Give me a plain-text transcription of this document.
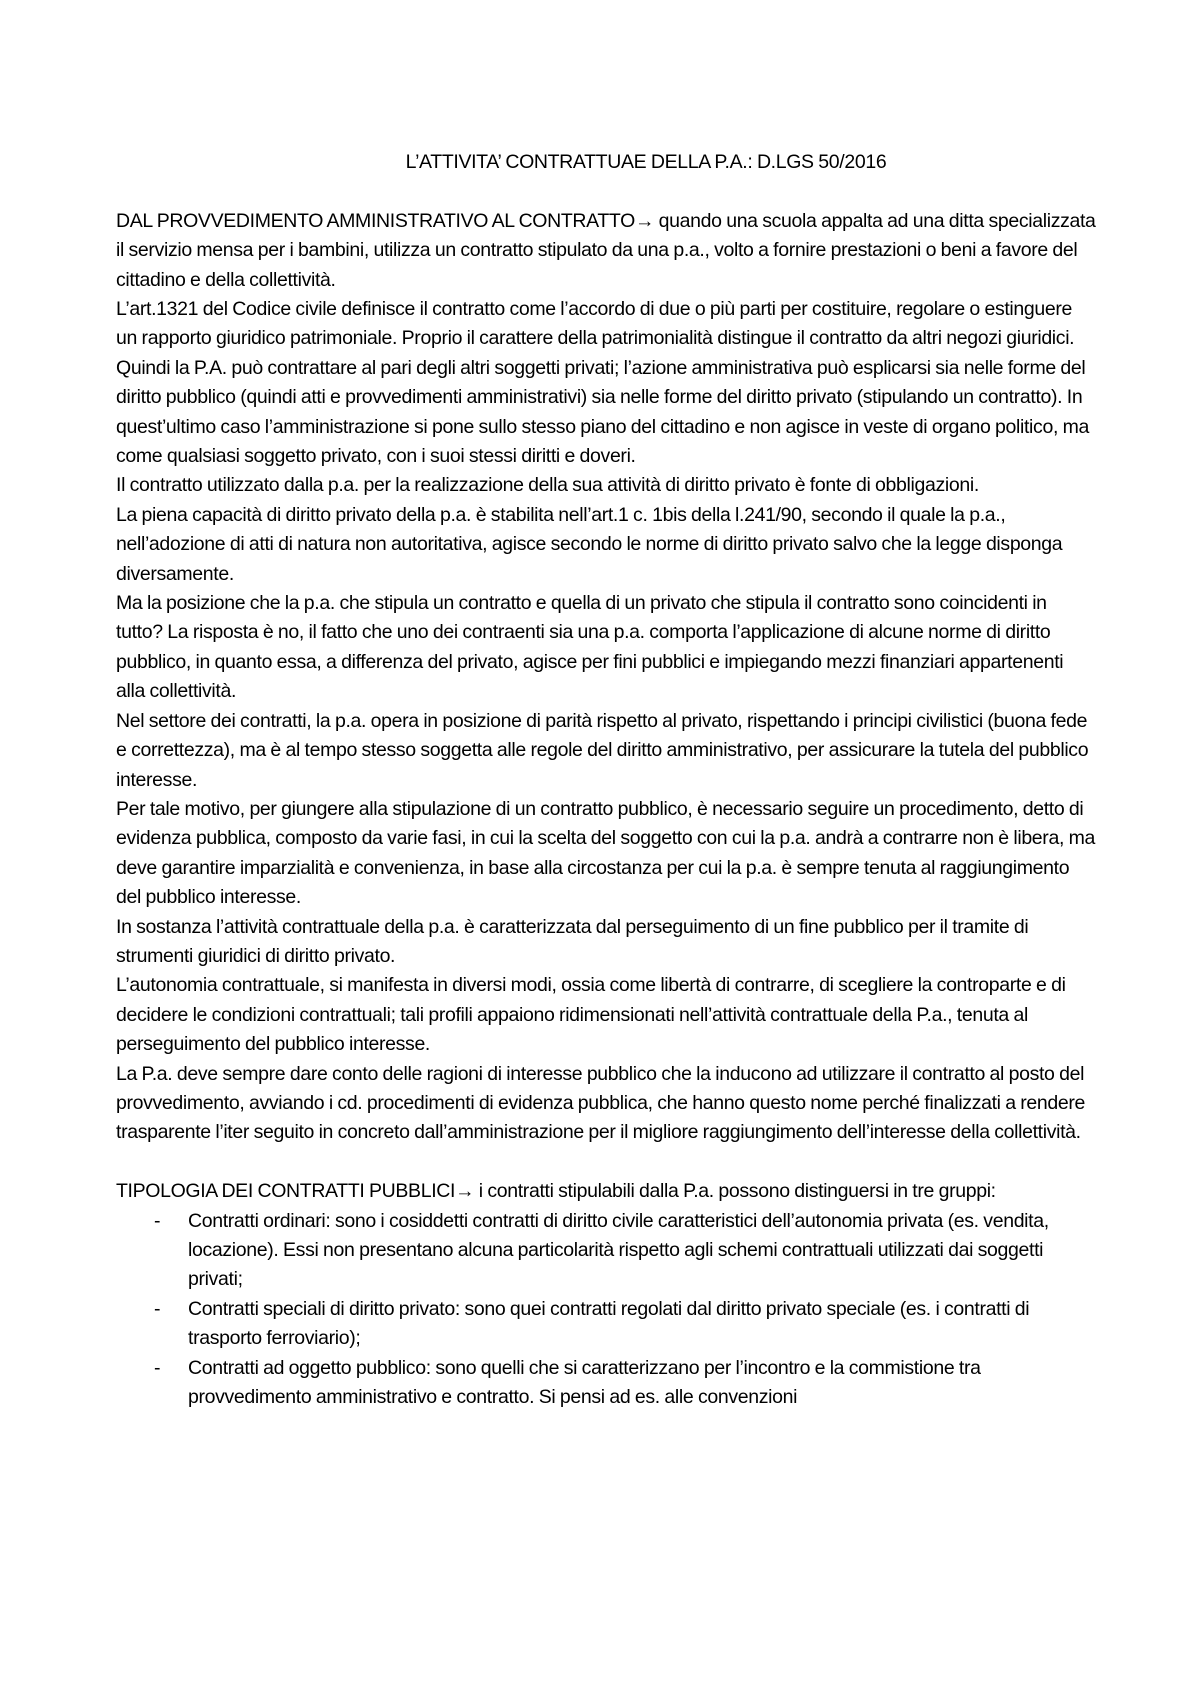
L’ATTIVITA’ CONTRATTUAE DELLA P.A.: D.LGS 50/2016

DAL PROVVEDIMENTO AMMINISTRATIVO AL CONTRATTO→ quando una scuola appalta ad una ditta specializzata il servizio mensa per i bambini, utilizza un contratto stipulato da una p.a., volto a fornire prestazioni o beni a favore del cittadino e della collettività.

L’art.1321 del Codice civile definisce il contratto come l’accordo di due o più parti per costituire, regolare o estinguere un rapporto giuridico patrimoniale. Proprio il carattere della patrimonialità distingue il contratto da altri negozi giuridici.

Quindi la P.A. può contrattare al pari degli altri soggetti privati; l’azione amministrativa può esplicarsi sia nelle forme del diritto pubblico (quindi atti e provvedimenti amministrativi) sia nelle forme del diritto privato (stipulando un contratto). In quest’ultimo caso l’amministrazione si pone sullo stesso piano del cittadino e non agisce in veste di organo politico, ma come qualsiasi soggetto privato, con i suoi stessi diritti e doveri.

Il contratto utilizzato dalla p.a. per la realizzazione della sua attività di diritto privato è fonte di obbligazioni.

La piena capacità di diritto privato della p.a. è stabilita nell’art.1 c. 1bis della l.241/90, secondo il quale la p.a., nell’adozione di atti di natura non autoritativa, agisce secondo le norme di diritto privato salvo che la legge disponga diversamente.

Ma la posizione che la p.a. che stipula un contratto e quella di un privato che stipula il contratto sono coincidenti in tutto? La risposta è no, il fatto che uno dei contraenti sia una p.a. comporta l’applicazione di alcune norme di diritto pubblico, in quanto essa, a differenza del privato, agisce per fini pubblici e impiegando mezzi finanziari appartenenti alla collettività.

Nel settore dei contratti, la p.a. opera in posizione di parità rispetto al privato, rispettando i principi civilistici (buona fede e correttezza), ma è al tempo stesso soggetta alle regole del diritto amministrativo, per assicurare la tutela del pubblico interesse.

Per tale motivo, per giungere alla stipulazione di un contratto pubblico, è necessario seguire un procedimento, detto di evidenza pubblica, composto da varie fasi, in cui la scelta del soggetto con cui la p.a. andrà a contrarre non è libera, ma deve garantire imparzialità e convenienza, in base alla circostanza per cui la p.a. è sempre tenuta al raggiungimento del pubblico interesse.

In sostanza l’attività contrattuale della p.a. è caratterizzata dal perseguimento di un fine pubblico per il tramite di strumenti giuridici di diritto privato.

L’autonomia contrattuale, si manifesta in diversi modi, ossia come libertà di contrarre, di scegliere la controparte e di decidere le condizioni contrattuali; tali profili appaiono ridimensionati nell’attività contrattuale della P.a., tenuta al perseguimento del pubblico interesse.

La P.a. deve sempre dare conto delle ragioni di interesse pubblico che la inducono ad utilizzare il contratto al posto del provvedimento, avviando i cd. procedimenti di evidenza pubblica, che hanno questo nome perché finalizzati a rendere trasparente l’iter seguito in concreto dall’amministrazione per il migliore raggiungimento dell’interesse della collettività.

TIPOLOGIA DEI CONTRATTI PUBBLICI→ i contratti stipulabili dalla P.a. possono distinguersi in tre gruppi:

- Contratti ordinari: sono i cosiddetti contratti di diritto civile caratteristici dell’autonomia privata (es. vendita, locazione). Essi non presentano alcuna particolarità rispetto agli schemi contrattuali utilizzati dai soggetti privati;
- Contratti speciali di diritto privato: sono quei contratti regolati dal diritto privato speciale (es. i contratti di trasporto ferroviario);
- Contratti ad oggetto pubblico: sono quelli che si caratterizzano per l’incontro e la commistione tra provvedimento amministrativo e contratto. Si pensi ad es. alle convenzioni
